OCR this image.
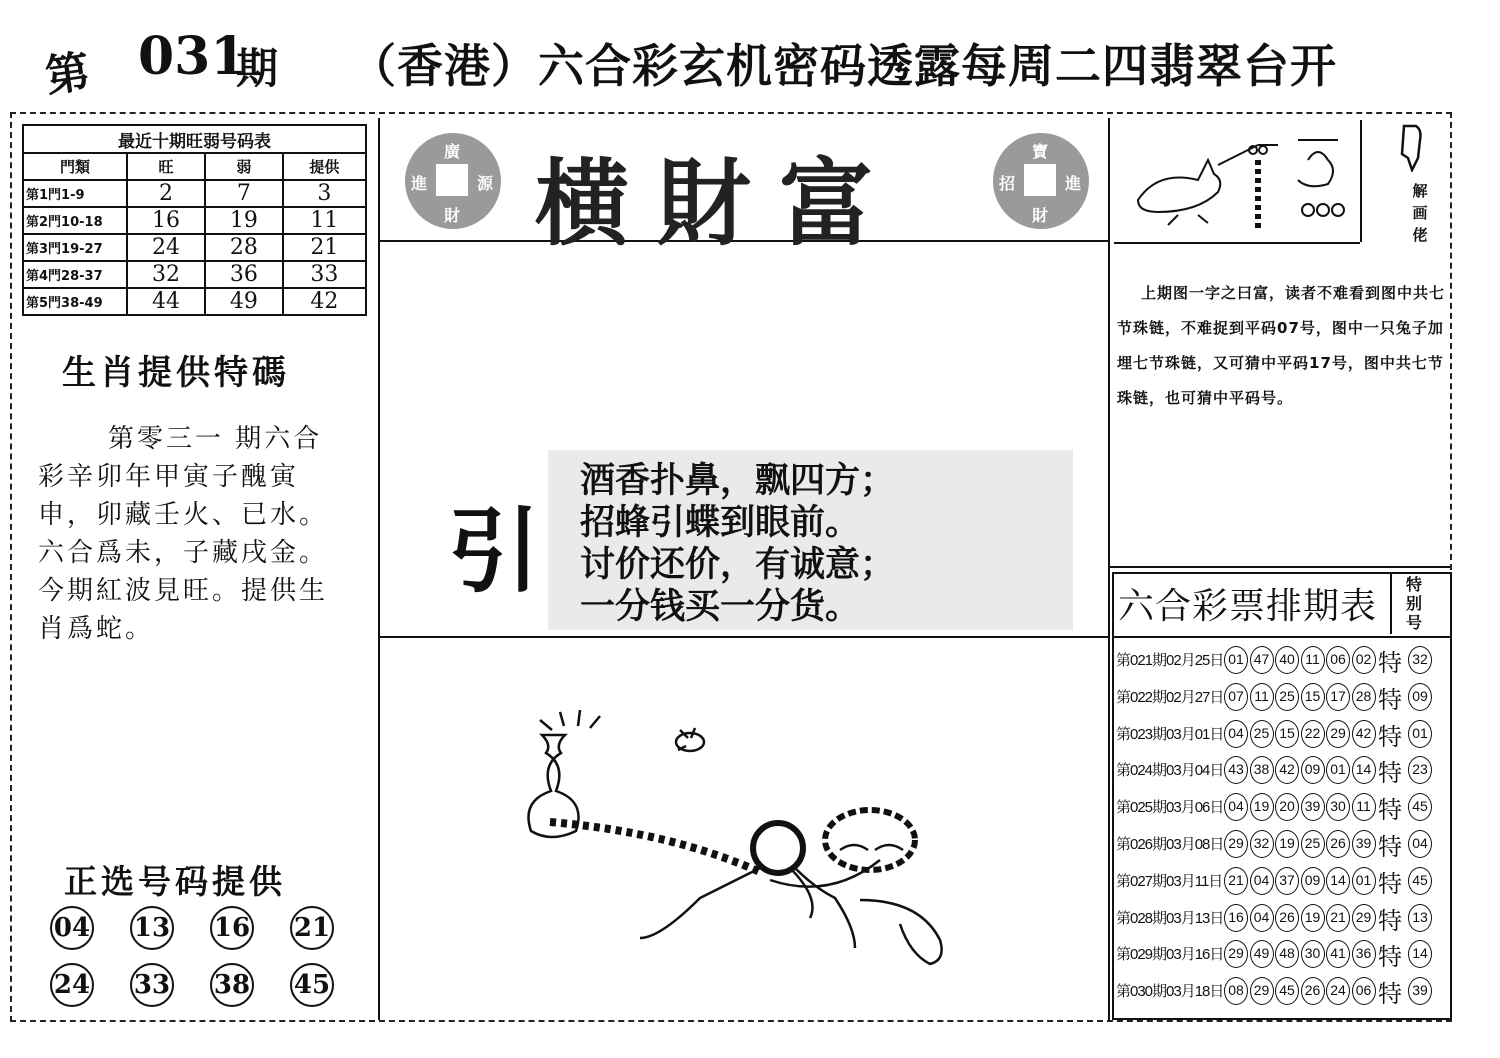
第 031
期 （香港）六合彩玄机密码透露每周二四翡翠台开
最近十期旺弱号码表			
門類	旺	弱	提供
第1門1-9	2	7	3
第2門10-18	16	19	11
第3門19-27	24	28	21
第4門28-37	32	36	33
第5門38-49	44	49	42
生肖提供特碼
第零三一 期六合彩辛卯年甲寅子醜寅申，卯藏壬火、已水。六合爲未，子藏戌金。今期紅波見旺。提供生肖爲蛇。
正选号码提供
04 13 16 21
24 33 38 45
廣
進	源
財 横財富	寶
招	進
財
引
酒香扑鼻，飘四方；
招蜂引蝶到眼前。
讨价还价，有诚意；
一分钱买一分货。
解
画
佬
上期图一字之曰富，读者不难看到图中共七节珠链，不难捉到平码07号，图中一只兔子加埋七节珠链，又可猜中平码17号，图中共七节珠链，也可猜中平码号。
六合彩票排期表
特
别
号
第021期02月25日 01 47 40 11 06 02 特 32
第022期02月27日 07 11 25 15 17 28 特 09
第023期03月01日 04 25 15 22 29 42 特 01
第024期03月04日 43 38 42 09 01 14 特 23
第025期03月06日 04 19 20 39 30 11 特 45
第026期03月08日 29 32 19 25 26 39 特 04
第027期03月11日 21 04 37 09 14 01 特 45
第028期03月13日 16 04 26 19 21 29 特 13
第029期03月16日 29 49 48 30 41 36 特 14
第030期03月18日 08 29 45 26 24 06 特 39
